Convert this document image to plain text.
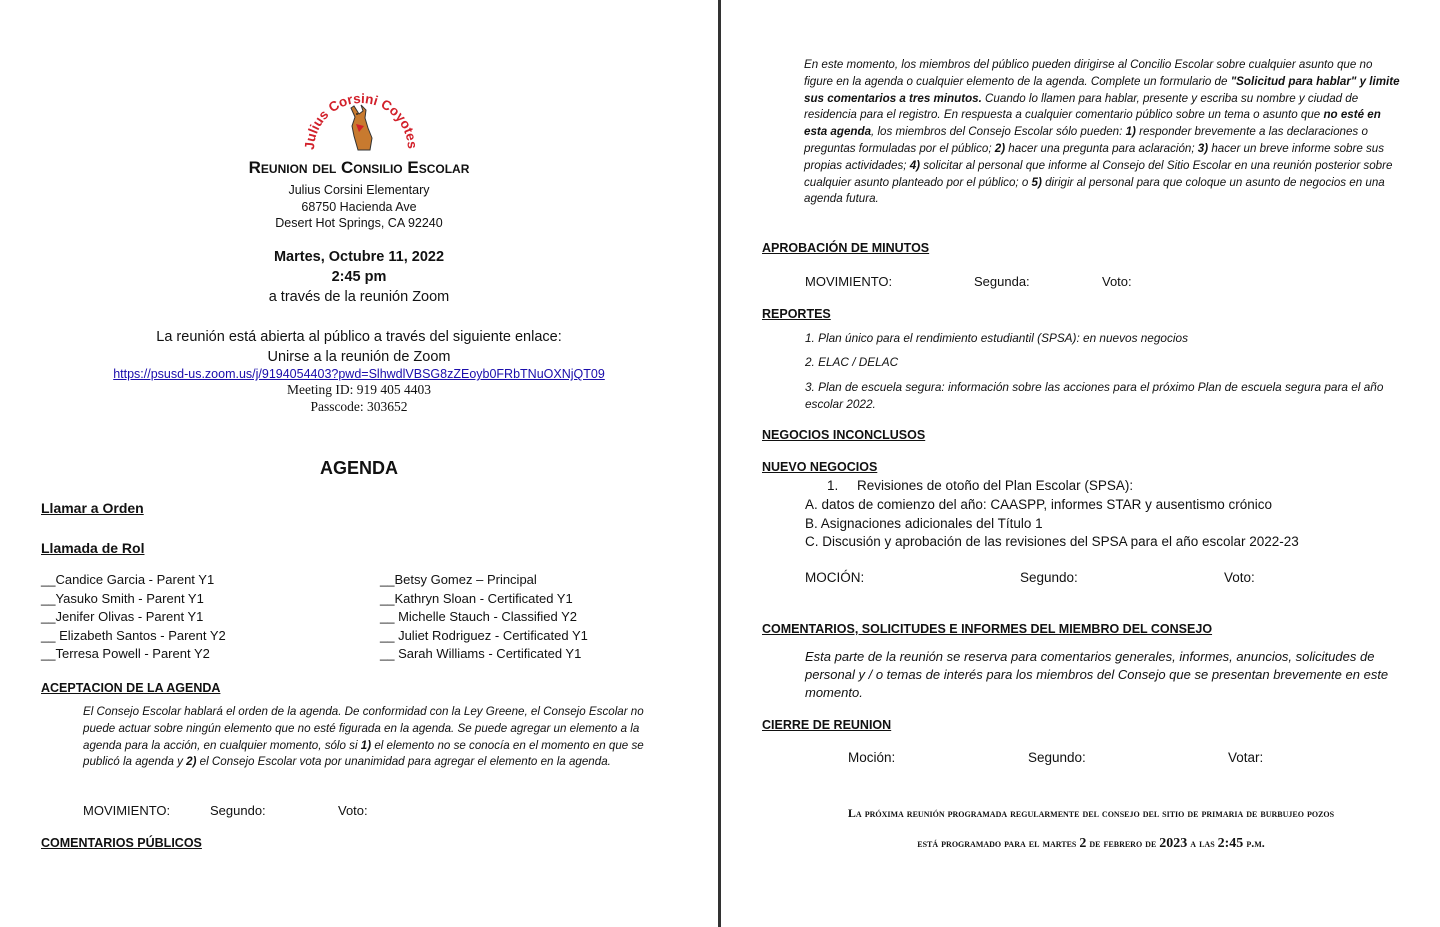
Julius Corsini Coyotes
Reunion del Consilio Escolar
Julius Corsini Elementary
68750 Hacienda Ave
Desert Hot Springs, CA 92240
Martes, Octubre 11, 2022
2:45 pm
a través de la reunión Zoom
La reunión está abierta al público a través del siguiente enlace:
Unirse a la reunión de Zoom
https://psusd-us.zoom.us/j/9194054403?pwd=SlhwdlVBSG8zZEoyb0FRbTNuOXNjQT09
Meeting ID: 919 405 4403
Passcode: 303652
AGENDA
Llamar a Orden
Llamada de Rol
__Candice Garcia - Parent Y1
__Yasuko Smith - Parent Y1
__Jenifer Olivas - Parent Y1
__ Elizabeth Santos - Parent Y2
__Terresa Powell - Parent Y2
__Betsy Gomez – Principal
__Kathryn Sloan - Certificated Y1
__ Michelle Stauch - Classified Y2
__ Juliet Rodriguez - Certificated Y1
__ Sarah Williams - Certificated Y1
ACEPTACION DE LA AGENDA
El Consejo Escolar hablará el orden de la agenda. De conformidad con la Ley Greene, el Consejo Escolar no puede actuar sobre ningún elemento que no esté figurada en la agenda. Se puede agregar un elemento a la agenda para la acción, en cualquier momento, sólo si 1) el elemento no se conocía en el momento en que se publicó la agenda y 2) el Consejo Escolar vota por unanimidad para agregar el elemento en la agenda.
MOVIMIENTO:	Segundo:	Voto:
COMENTARIOS PÚBLICOS
En este momento, los miembros del público pueden dirigirse al Concilio Escolar sobre cualquier asunto que no figure en la agenda o cualquier elemento de la agenda. Complete un formulario de "Solicitud para hablar" y limite sus comentarios a tres minutos. Cuando lo llamen para hablar, presente y escriba su nombre y ciudad de residencia para el registro. En respuesta a cualquier comentario público sobre un tema o asunto que no esté en esta agenda, los miembros del Consejo Escolar sólo pueden: 1) responder brevemente a las declaraciones o preguntas formuladas por el público; 2) hacer una pregunta para aclaración; 3) hacer un breve informe sobre sus propias actividades; 4) solicitar al personal que informe al Consejo del Sitio Escolar en una reunión posterior sobre cualquier asunto planteado por el público; o 5) dirigir al personal para que coloque un asunto de negocios en una agenda futura.
APROBACIÓN DE MINUTOS
MOVIMIENTO:	Segunda:	Voto:
REPORTES
1. Plan único para el rendimiento estudiantil (SPSA): en nuevos negocios
2. ELAC / DELAC
3. Plan de escuela segura: información sobre las acciones para el próximo Plan de escuela segura para el año escolar 2022.
NEGOCIOS INCONCLUSOS
NUEVO NEGOCIOS
1.     Revisiones de otoño del Plan Escolar (SPSA):
A. datos de comienzo del año: CAASPP, informes STAR y ausentismo crónico
B. Asignaciones adicionales del Título 1
C. Discusión y aprobación de las revisiones del SPSA para el año escolar 2022-23
MOCIÓN:	Segundo:	Voto:
COMENTARIOS, SOLICITUDES E INFORMES DEL MIEMBRO DEL CONSEJO
Esta parte de la reunión se reserva para comentarios generales, informes, anuncios, solicitudes de personal y / o temas de interés para los miembros del Consejo que se presentan brevemente en este momento.
CIERRE DE REUNION
Moción:	Segundo:	Votar:
La próxima reunión programada regularmente del consejo del sitio de primaria de burbujeo pozos
está programado para el martes 2 de febrero de 2023 a las 2:45 p.m.
